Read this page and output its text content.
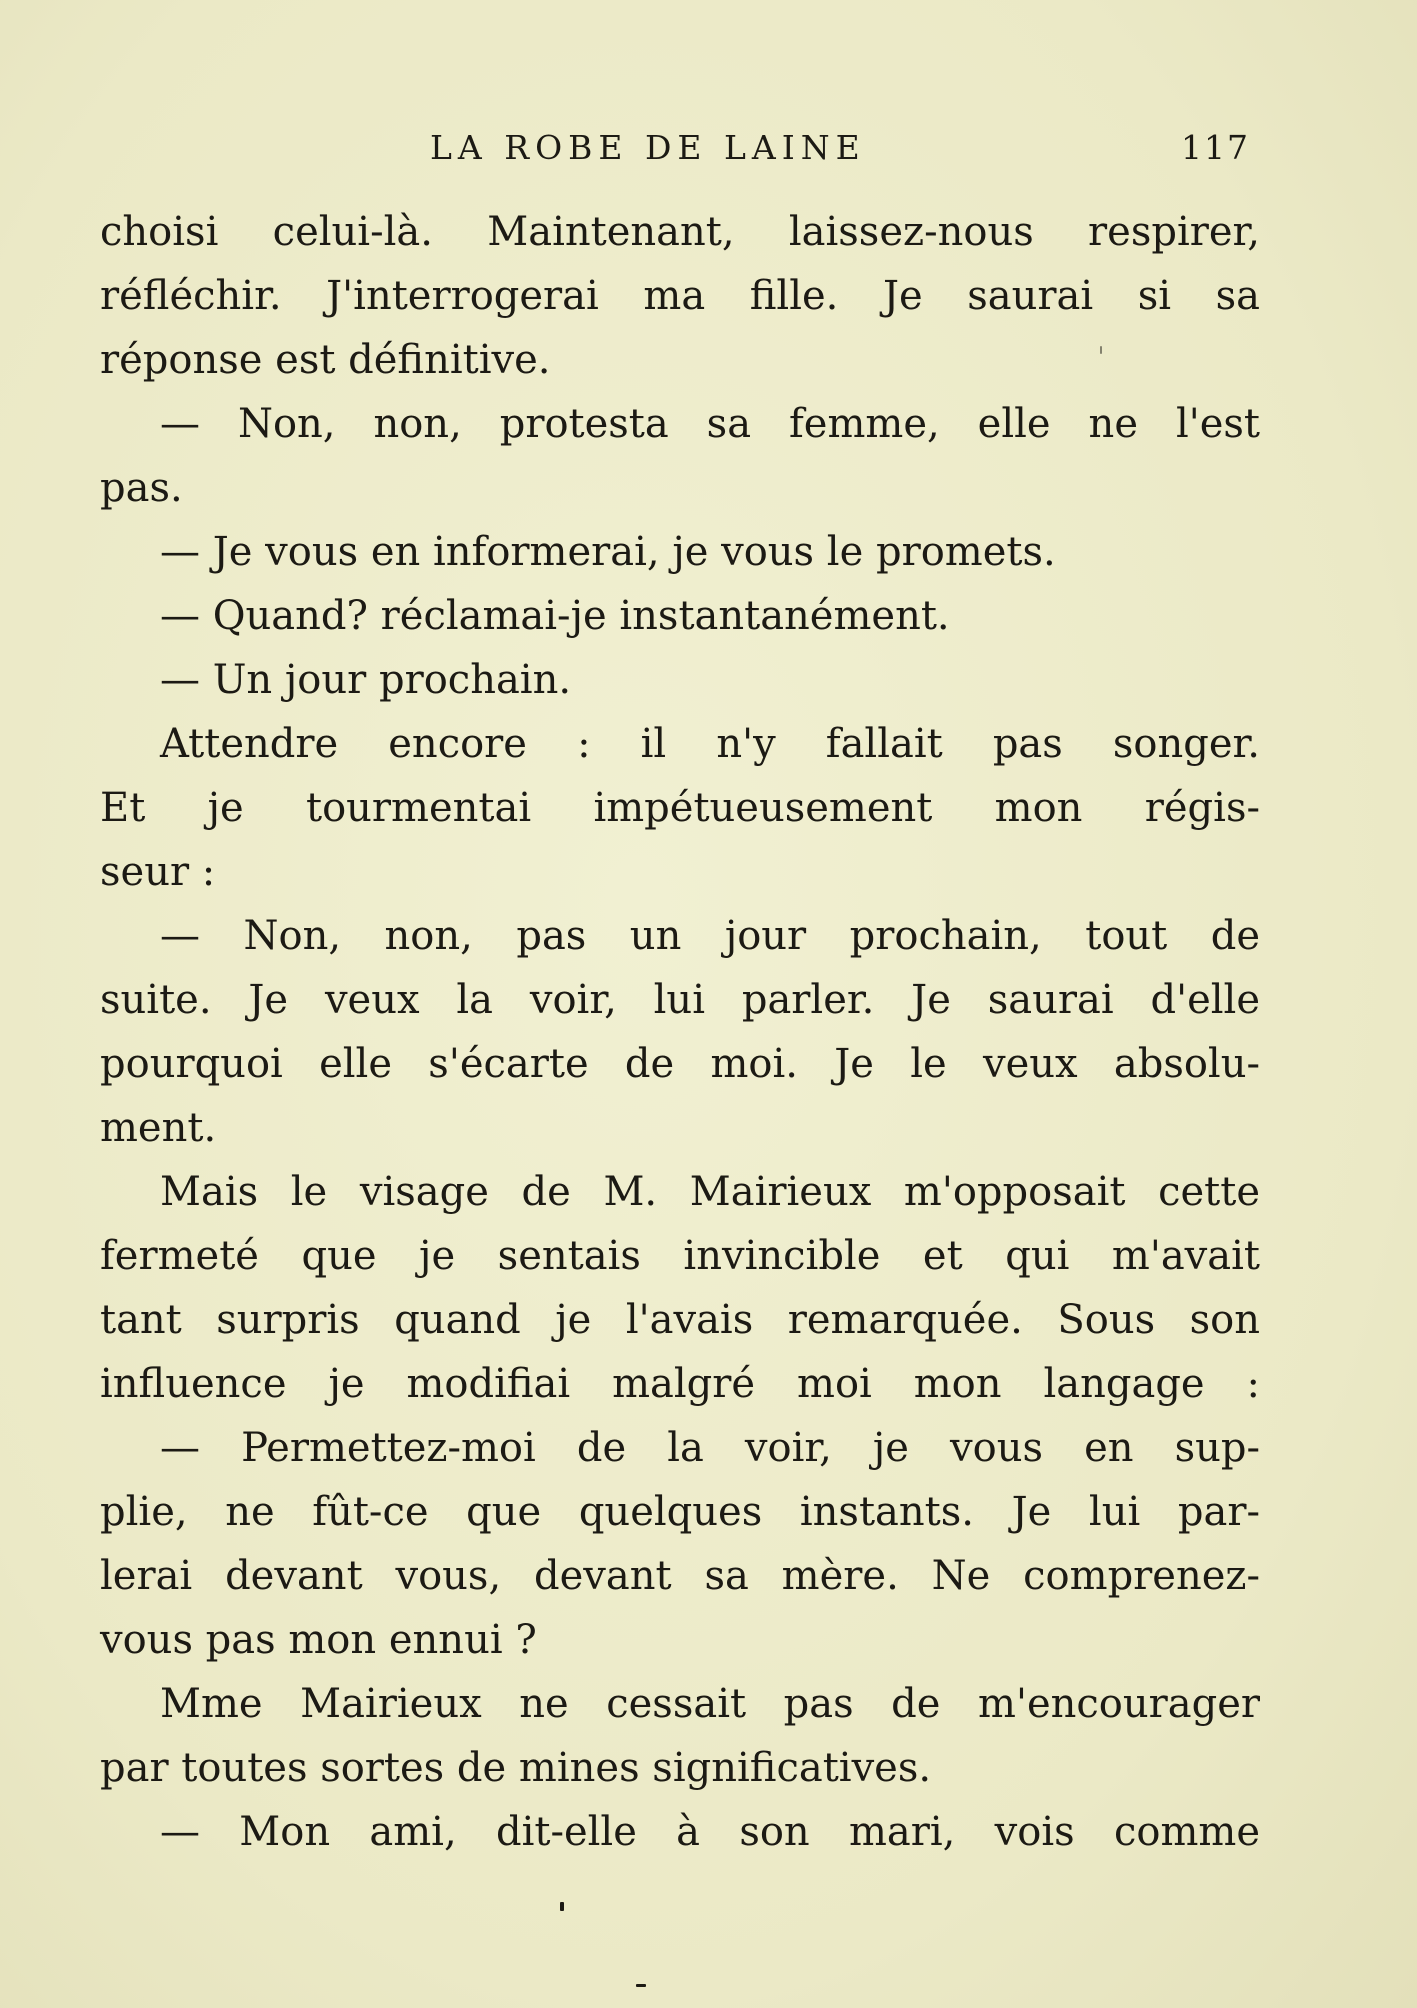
LA ROBE DE LAINE	117
choisi celui-là. Maintenant, laissez-nous respirer,
réfléchir. J'interrogerai ma fille. Je saurai si sa
réponse est définitive.
— Non, non, protesta sa femme, elle ne l'est
pas.
— Je vous en informerai, je vous le promets.
— Quand? réclamai-je instantanément.
— Un jour prochain.
Attendre encore : il n'y fallait pas songer.
Et je tourmentai impétueusement mon régis-
seur :
— Non, non, pas un jour prochain, tout de
suite. Je veux la voir, lui parler. Je saurai d'elle
pourquoi elle s'écarte de moi. Je le veux absolu-
ment.
Mais le visage de M. Mairieux m'opposait cette
fermeté que je sentais invincible et qui m'avait
tant surpris quand je l'avais remarquée. Sous son
influence je modifiai malgré moi mon langage :
— Permettez-moi de la voir, je vous en sup-
plie, ne fût-ce que quelques instants. Je lui par-
lerai devant vous, devant sa mère. Ne comprenez-
vous pas mon ennui ?
Mme Mairieux ne cessait pas de m'encourager
par toutes sortes de mines significatives.
— Mon ami, dit-elle à son mari, vois comme
